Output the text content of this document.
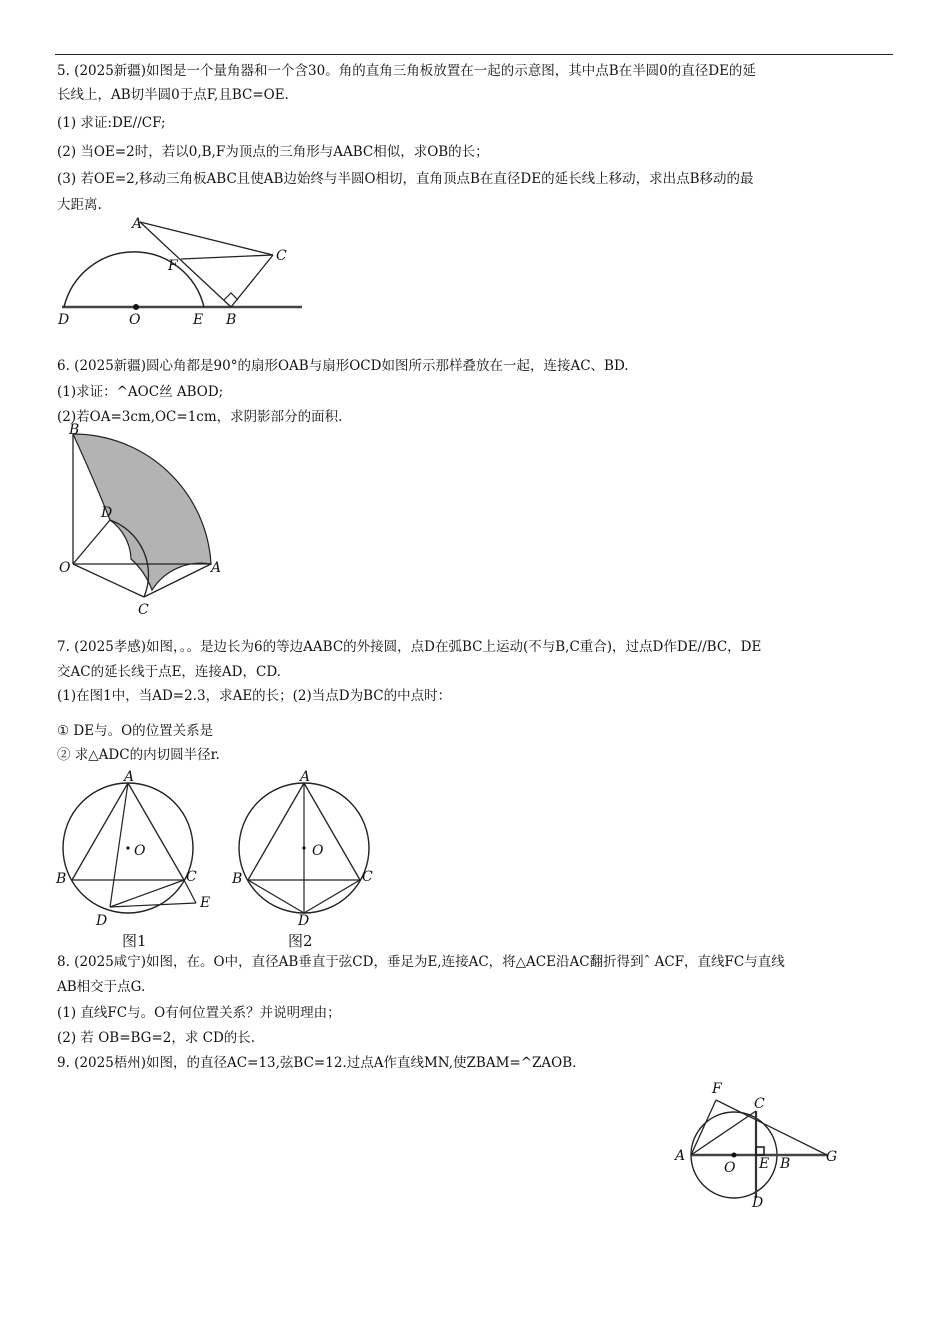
5. (2025新疆)如图是一个量角器和一个含30。角的直角三角板放置在一起的示意图，其中点B在半圆0的直径DE的延
长线上，AB切半圆0于点F,且BC=OE.
(1) 求证:DE//CF;
(2) 当OE=2时，若以0,B,F为顶点的三角形与AABC相似，求OB的长；
(3) 若OE=2,移动三角板ABC且使AB边始终与半圆O相切，直角顶点B在直径DE的延长线上移动，求出点B移动的最
大距离.
A
F
C
D	O	E B
6. (2025新疆)圆心角都是90°的扇形OAB与扇形OCD如图所示那样叠放在一起，连接AC、BD.
(1)求证：^AOC丝 ABOD;
(2)若OA=3cm,OC=1cm，求阴影部分的面积.
B
D
O	A
C
7. (2025孝感)如图，。。是边长为6的等边AABC的外接圆，点D在弧BC上运动(不与B,C重合)，过点D作DE//BC，DE
交AC的延长线于点E，连接AD，CD.
(1)在图1中，当AD=2.3，求AE的长；(2)当点D为BC的中点时：
① DE与。O的位置关系是
② 求△ADC的内切圆半径r.
A
O
B	C
D
E
图1
A
O
B	C
D
图2
8. (2025咸宁)如图，在。O中，直径AB垂直于弦CD，垂足为E,连接AC，将△ACE沿AC翻折得到ˆ ACF，直线FC与直线
AB相交于点G.
(1) 直线FC与。O有何位置关系？并说明理由；
(2) 若 OB=BG=2，求 CD的长.
9. (2025梧州)如图，的直径AC=13,弦BC=12.过点A作直线MN,使ZBAM=^ZAOB.
F
C
A
O E B	G
D
